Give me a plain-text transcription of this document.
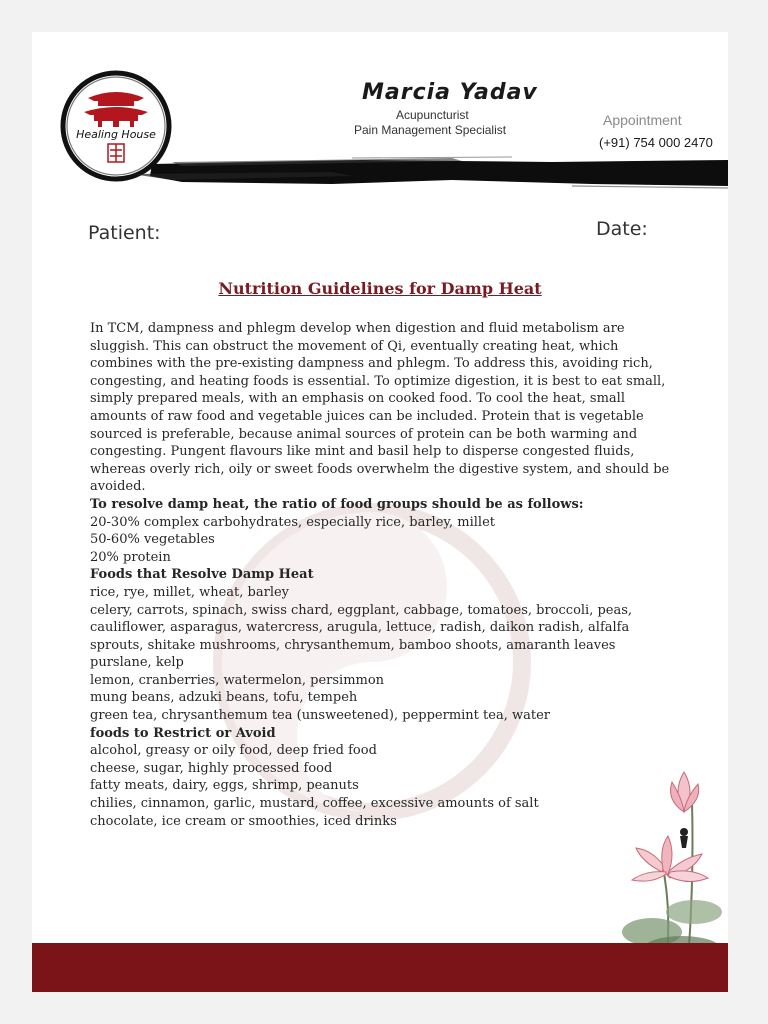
Healing House
Marcia Yadav
Acupuncturist
Pain Management Specialist
Appointment
(+91) 754 000 2470
Patient:	Date:
Nutrition Guidelines for Damp Heat

In TCM, dampness and phlegm develop when digestion and fluid metabolism are sluggish. This can obstruct the movement of Qi, eventually creating heat, which combines with the pre-existing dampness and phlegm. To address this, avoiding rich, congesting, and heating foods is essential. To optimize digestion, it is best to eat small, simply prepared meals, with an emphasis on cooked food. To cool the heat, small amounts of raw food and vegetable juices can be included. Protein that is vegetable sourced is preferable, because animal sources of protein can be both warming and congesting. Pungent flavours like mint and basil help to disperse congested fluids, whereas overly rich, oily or sweet foods overwhelm the digestive system, and should be avoided.

To resolve damp heat, the ratio of food groups should be as follows:

20-30% complex carbohydrates, especially rice, barley, millet

50-60% vegetables

20% protein

Foods that Resolve Damp Heat

rice, rye, millet, wheat, barley

celery, carrots, spinach, swiss chard, eggplant, cabbage, tomatoes, broccoli, peas, cauliflower, asparagus, watercress, arugula, lettuce, radish, daikon radish, alfalfa sprouts, shitake mushrooms, chrysanthemum, bamboo shoots, amaranth leaves purslane, kelp

lemon, cranberries, watermelon, persimmon

mung beans, adzuki beans, tofu, tempeh

green tea, chrysanthemum tea (unsweetened), peppermint tea, water

foods to Restrict or Avoid

alcohol, greasy or oily food, deep fried food

cheese, sugar, highly processed food

fatty meats, dairy, eggs, shrimp, peanuts

chilies, cinnamon, garlic, mustard, coffee, excessive amounts of salt

chocolate, ice cream or smoothies, iced drinks
